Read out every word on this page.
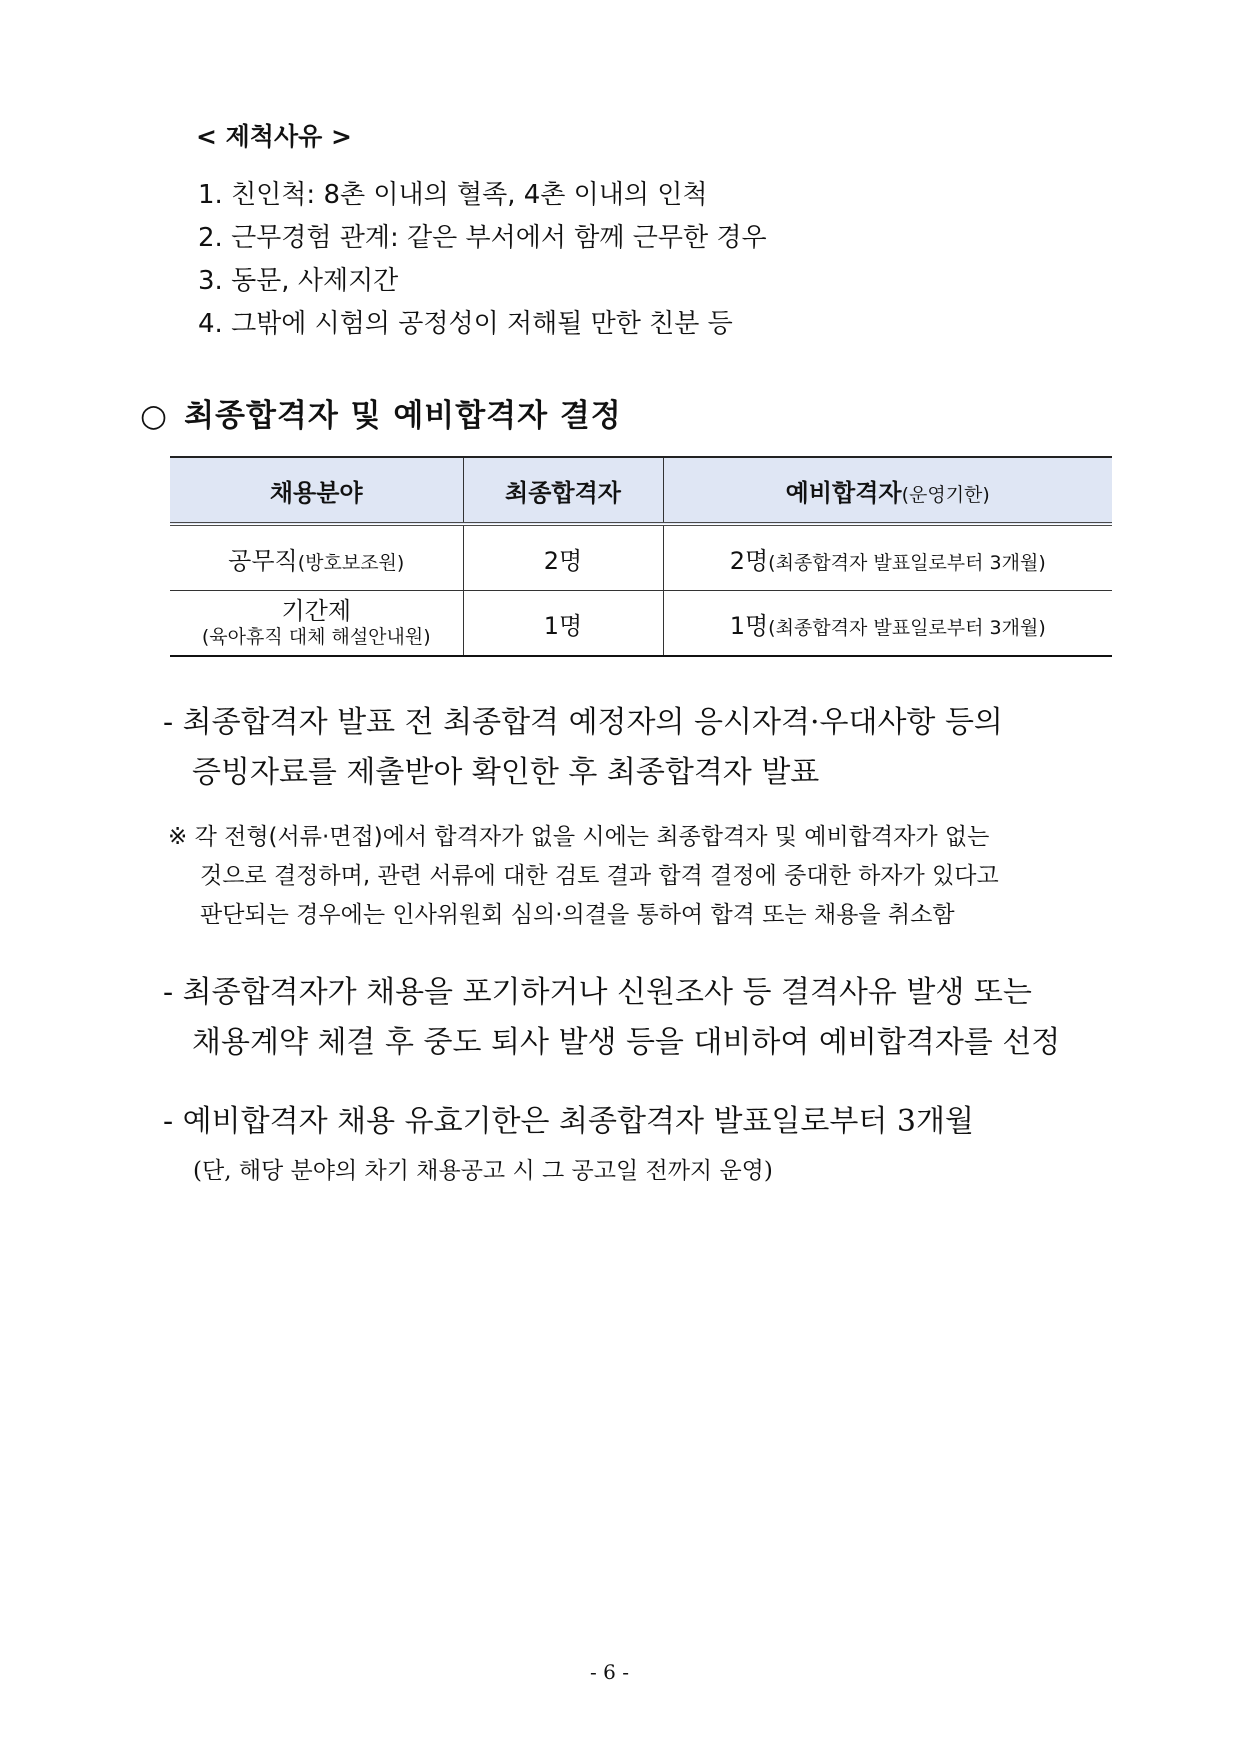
< 제척사유 >
1. 친인척: 8촌 이내의 혈족, 4촌 이내의 인척
2. 근무경험 관계: 같은 부서에서 함께 근무한 경우
3. 동문, 사제지간
4. 그밖에 시험의 공정성이 저해될 만한 친분 등
○ 최종합격자 및 예비합격자 결정
채용분야	최종합격자	예비합격자(운영기한)
공무직(방호보조원)	2명	2명(최종합격자 발표일로부터 3개월)

기간제
(육아휴직 대체 해설안내원)	1명	1명(최종합격자 발표일로부터 3개월)
- 최종합격자 발표 전 최종합격 예정자의 응시자격·우대사항 등의
증빙자료를 제출받아 확인한 후 최종합격자 발표
※ 각 전형(서류·면접)에서 합격자가 없을 시에는 최종합격자 및 예비합격자가 없는
것으로 결정하며, 관련 서류에 대한 검토 결과 합격 결정에 중대한 하자가 있다고
판단되는 경우에는 인사위원회 심의·의결을 통하여 합격 또는 채용을 취소함
- 최종합격자가 채용을 포기하거나 신원조사 등 결격사유 발생 또는
채용계약 체결 후 중도 퇴사 발생 등을 대비하여 예비합격자를 선정
- 예비합격자 채용 유효기한은 최종합격자 발표일로부터 3개월
(단, 해당 분야의 차기 채용공고 시 그 공고일 전까지 운영)
- 6 -
